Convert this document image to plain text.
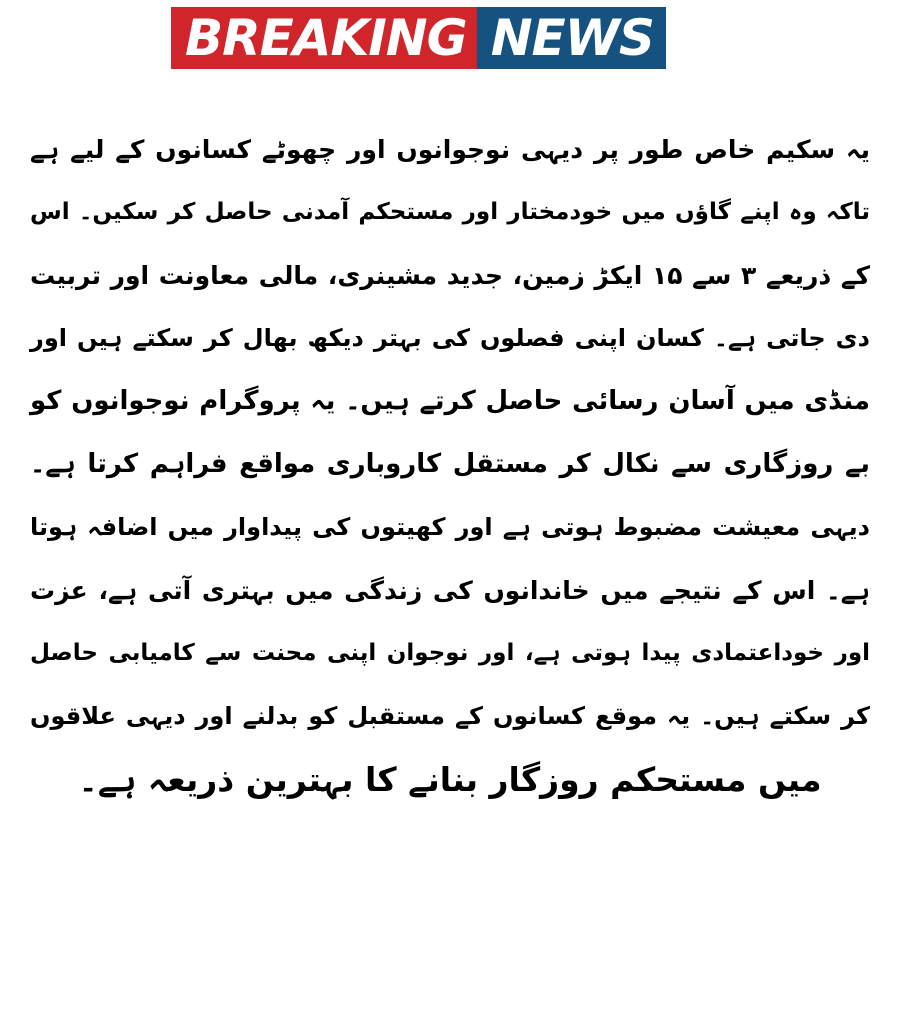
BREAKING NEWS
یہ سکیم خاص طور پر دیہی نوجوانوں اور چھوٹے کسانوں کے لیے ہے
تاکہ وہ اپنے گاؤں میں خودمختار اور مستحکم آمدنی حاصل کر سکیں۔ اس
کے ذریعے ۳ سے ۱۵ ایکڑ زمین، جدید مشینری، مالی معاونت اور تربیت
دی جاتی ہے۔ کسان اپنی فصلوں کی بہتر دیکھ بھال کر سکتے ہیں اور
منڈی میں آسان رسائی حاصل کرتے ہیں۔ یہ پروگرام نوجوانوں کو
بے روزگاری سے نکال کر مستقل کاروباری مواقع فراہم کرتا ہے۔
دیہی معیشت مضبوط ہوتی ہے اور کھیتوں کی پیداوار میں اضافہ ہوتا
ہے۔ اس کے نتیجے میں خاندانوں کی زندگی میں بہتری آتی ہے، عزت
اور خوداعتمادی پیدا ہوتی ہے، اور نوجوان اپنی محنت سے کامیابی حاصل
کر سکتے ہیں۔ یہ موقع کسانوں کے مستقبل کو بدلنے اور دیہی علاقوں
میں مستحکم روزگار بنانے کا بہترین ذریعہ ہے۔
